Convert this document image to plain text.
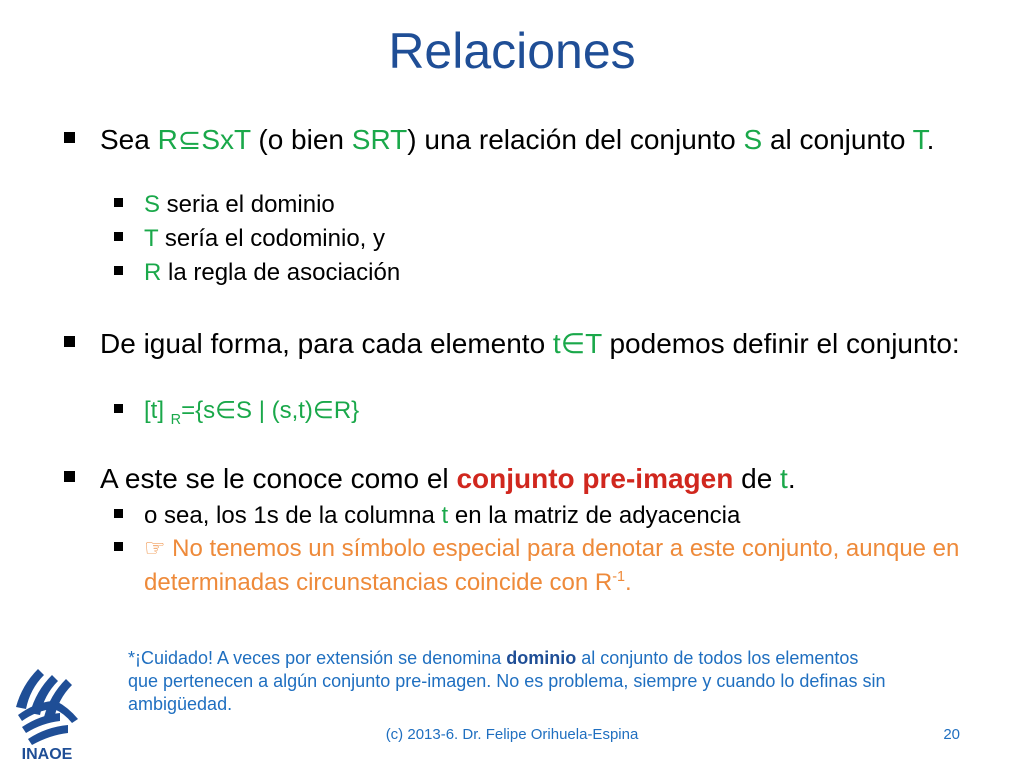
Relaciones
Sea R⊆SxT (o bien SRT) una relación del conjunto S al conjunto T.
S seria el dominio
T sería el codominio, y
R la regla de asociación
De igual forma, para cada elemento t∈T podemos definir el conjunto:
[t] $_R$={s∈S | (s,t)∈R}
A este se le conoce como el conjunto pre-imagen de t.
o sea, los 1s de la columna t en la matriz de adyacencia
☞ No tenemos un símbolo especial para denotar a este conjunto, aunque en determinadas circunstancias coincide con $R^{-1}$.
*¡Cuidado! A veces por extensión se denomina dominio al conjunto de todos los elementos que pertenecen a algún conjunto pre-imagen. No es problema, siempre y cuando lo definas sin ambigüedad.
INAOE
(c) 2013-6. Dr. Felipe Orihuela-Espina	20
